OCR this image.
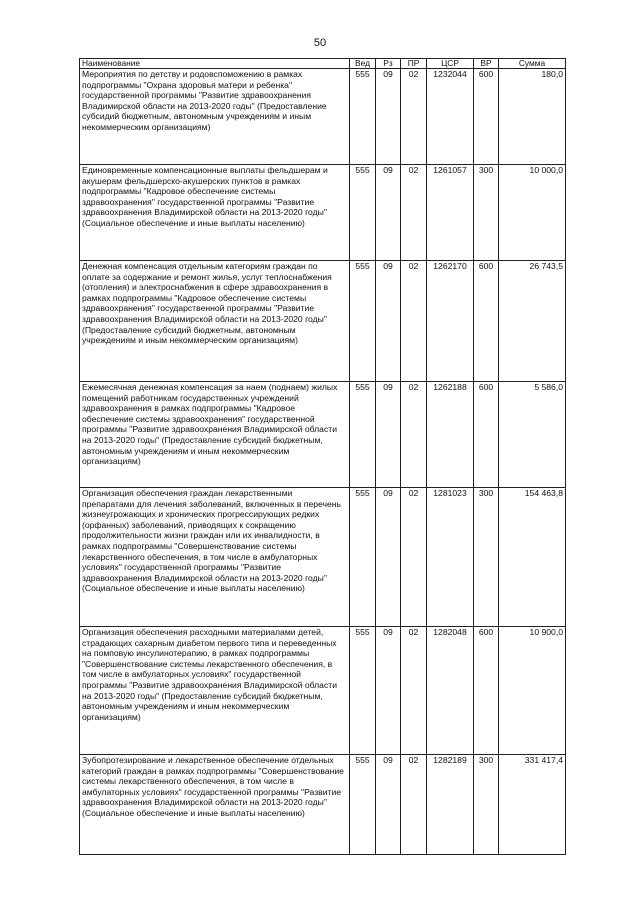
50
Наименование	Вед	Рз	ПР	ЦСР	ВР	Сумма
Мероприятия по детству и родовспоможению в рамках подпрограммы "Охрана здоровья матери и ребенка" государственной программы "Развитие здравоохранения Владимирской области на 2013-2020 годы" (Предоставление субсидий бюджетным, автономным учреждениям и иным некоммерческим организациям)	555	09	02	1232044	600	180,0
Единовременные компенсационные выплаты фельдшерам и акушерам фельдшерско-акушерских пунктов в рамках подпрограммы "Кадровое обеспечение системы здравоохранения" государственной программы "Развитие здравоохранения Владимирской области на 2013-2020 годы" (Социальное обеспечение и иные выплаты населению)	555	09	02	1261057	300	10 000,0
Денежная компенсация отдельным категориям граждан по оплате за содержание и ремонт жилья, услуг теплоснабжения (отопления) и электроснабжения в сфере здравоохранения в рамках подпрограммы "Кадровое обеспечение системы здравоохранения" государственной программы "Развитие здравоохранения Владимирской области на 2013-2020 годы" (Предоставление субсидий бюджетным, автономным учреждениям и иным некоммерческим организациям)	555	09	02	1262170	600	26 743,5
Ежемесячная денежная компенсация за наем (поднаем) жилых помещений работникам государственных учреждений здравоохранения в рамках подпрограммы "Кадровое обеспечение системы здравоохранения" государственной программы "Развитие здравоохранения Владимирской области на 2013-2020 годы" (Предоставление субсидий бюджетным, автономным учреждениям и иным некоммерческим организациям)	555	09	02	1262188	600	5 586,0
Организация обеспечения граждан лекарственными препаратами для лечения заболеваний, включенных в перечень жизнеугрожающих и хронических прогрессирующих редких (орфанных) заболеваний, приводящих к сокращению продолжительности жизни граждан или их инвалидности, в рамках подпрограммы "Совершенствование системы лекарственного обеспечения, в том числе в амбулаторных условиях" государственной программы "Развитие здравоохранения Владимирской области на 2013-2020 годы" (Социальное обеспечение и иные выплаты населению)	555	09	02	1281023	300	154 463,8
Организация обеспечения расходными материалами детей, страдающих сахарным диабетом первого типа и переведенных на помповую инсулинотерапию, в рамках подпрограммы "Совершенствование системы лекарственного обеспечения, в том числе в амбулаторных условиях" государственной программы "Развитие здравоохранения Владимирской области на 2013-2020 годы" (Предоставление субсидий бюджетным, автономным учреждениям и иным некоммерческим организациям)	555	09	02	1282048	600	10 900,0
Зубопротезирование и лекарственное обеспечение отдельных категорий граждан в рамках подпрограммы "Совершенствование системы лекарственного обеспечения, в том числе в амбулаторных условиях" государственной программы "Развитие здравоохранения Владимирской области на 2013-2020 годы" (Социальное обеспечение и иные выплаты населению)	555	09	02	1282189	300	331 417,4
